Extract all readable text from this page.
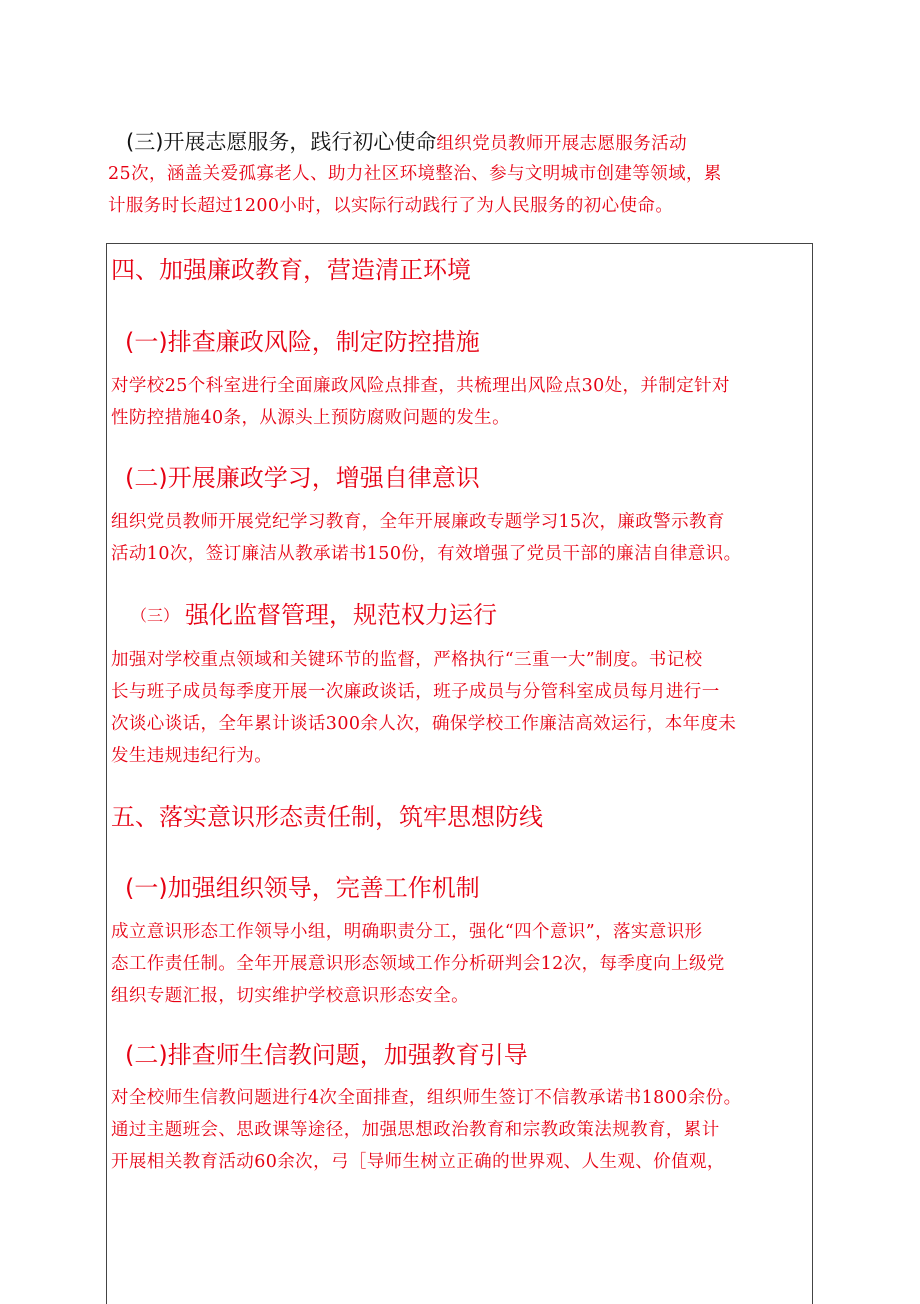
(三)开展志愿服务，践行初心使命组织党员教师开展志愿服务活动
25次，涵盖关爱孤寡老人、助力社区环境整治、参与文明城市创建等领域，累
计服务时长超过1200小时，以实际行动践行了为人民服务的初心使命。
四、加强廉政教育，营造清正环境
(一)排查廉政风险，制定防控措施
对学校25个科室进行全面廉政风险点排查，共梳理出风险点30处，并制定针对
性防控措施40条，从源头上预防腐败问题的发生。
(二)开展廉政学习，增强自律意识
组织党员教师开展党纪学习教育，全年开展廉政专题学习15次，廉政警示教育
活动10次，签订廉洁从教承诺书150份，有效增强了党员干部的廉洁自律意识。
（三） 强化监督管理，规范权力运行
加强对学校重点领域和关键环节的监督，严格执行“三重一大”制度。书记校
长与班子成员每季度开展一次廉政谈话，班子成员与分管科室成员每月进行一
次谈心谈话，全年累计谈话300余人次，确保学校工作廉洁高效运行，本年度未
发生违规违纪行为。
五、落实意识形态责任制，筑牢思想防线
(一)加强组织领导，完善工作机制
成立意识形态工作领导小组，明确职责分工，强化“四个意识”，落实意识形
态工作责任制。全年开展意识形态领域工作分析研判会12次，每季度向上级党
组织专题汇报，切实维护学校意识形态安全。
(二)排查师生信教问题，加强教育引导
对全校师生信教问题进行4次全面排查，组织师生签订不信教承诺书1800余份。
通过主题班会、思政课等途径，加强思想政治教育和宗教政策法规教育，累计
开展相关教育活动60余次，弓［导师生树立正确的世界观、人生观、价值观，
